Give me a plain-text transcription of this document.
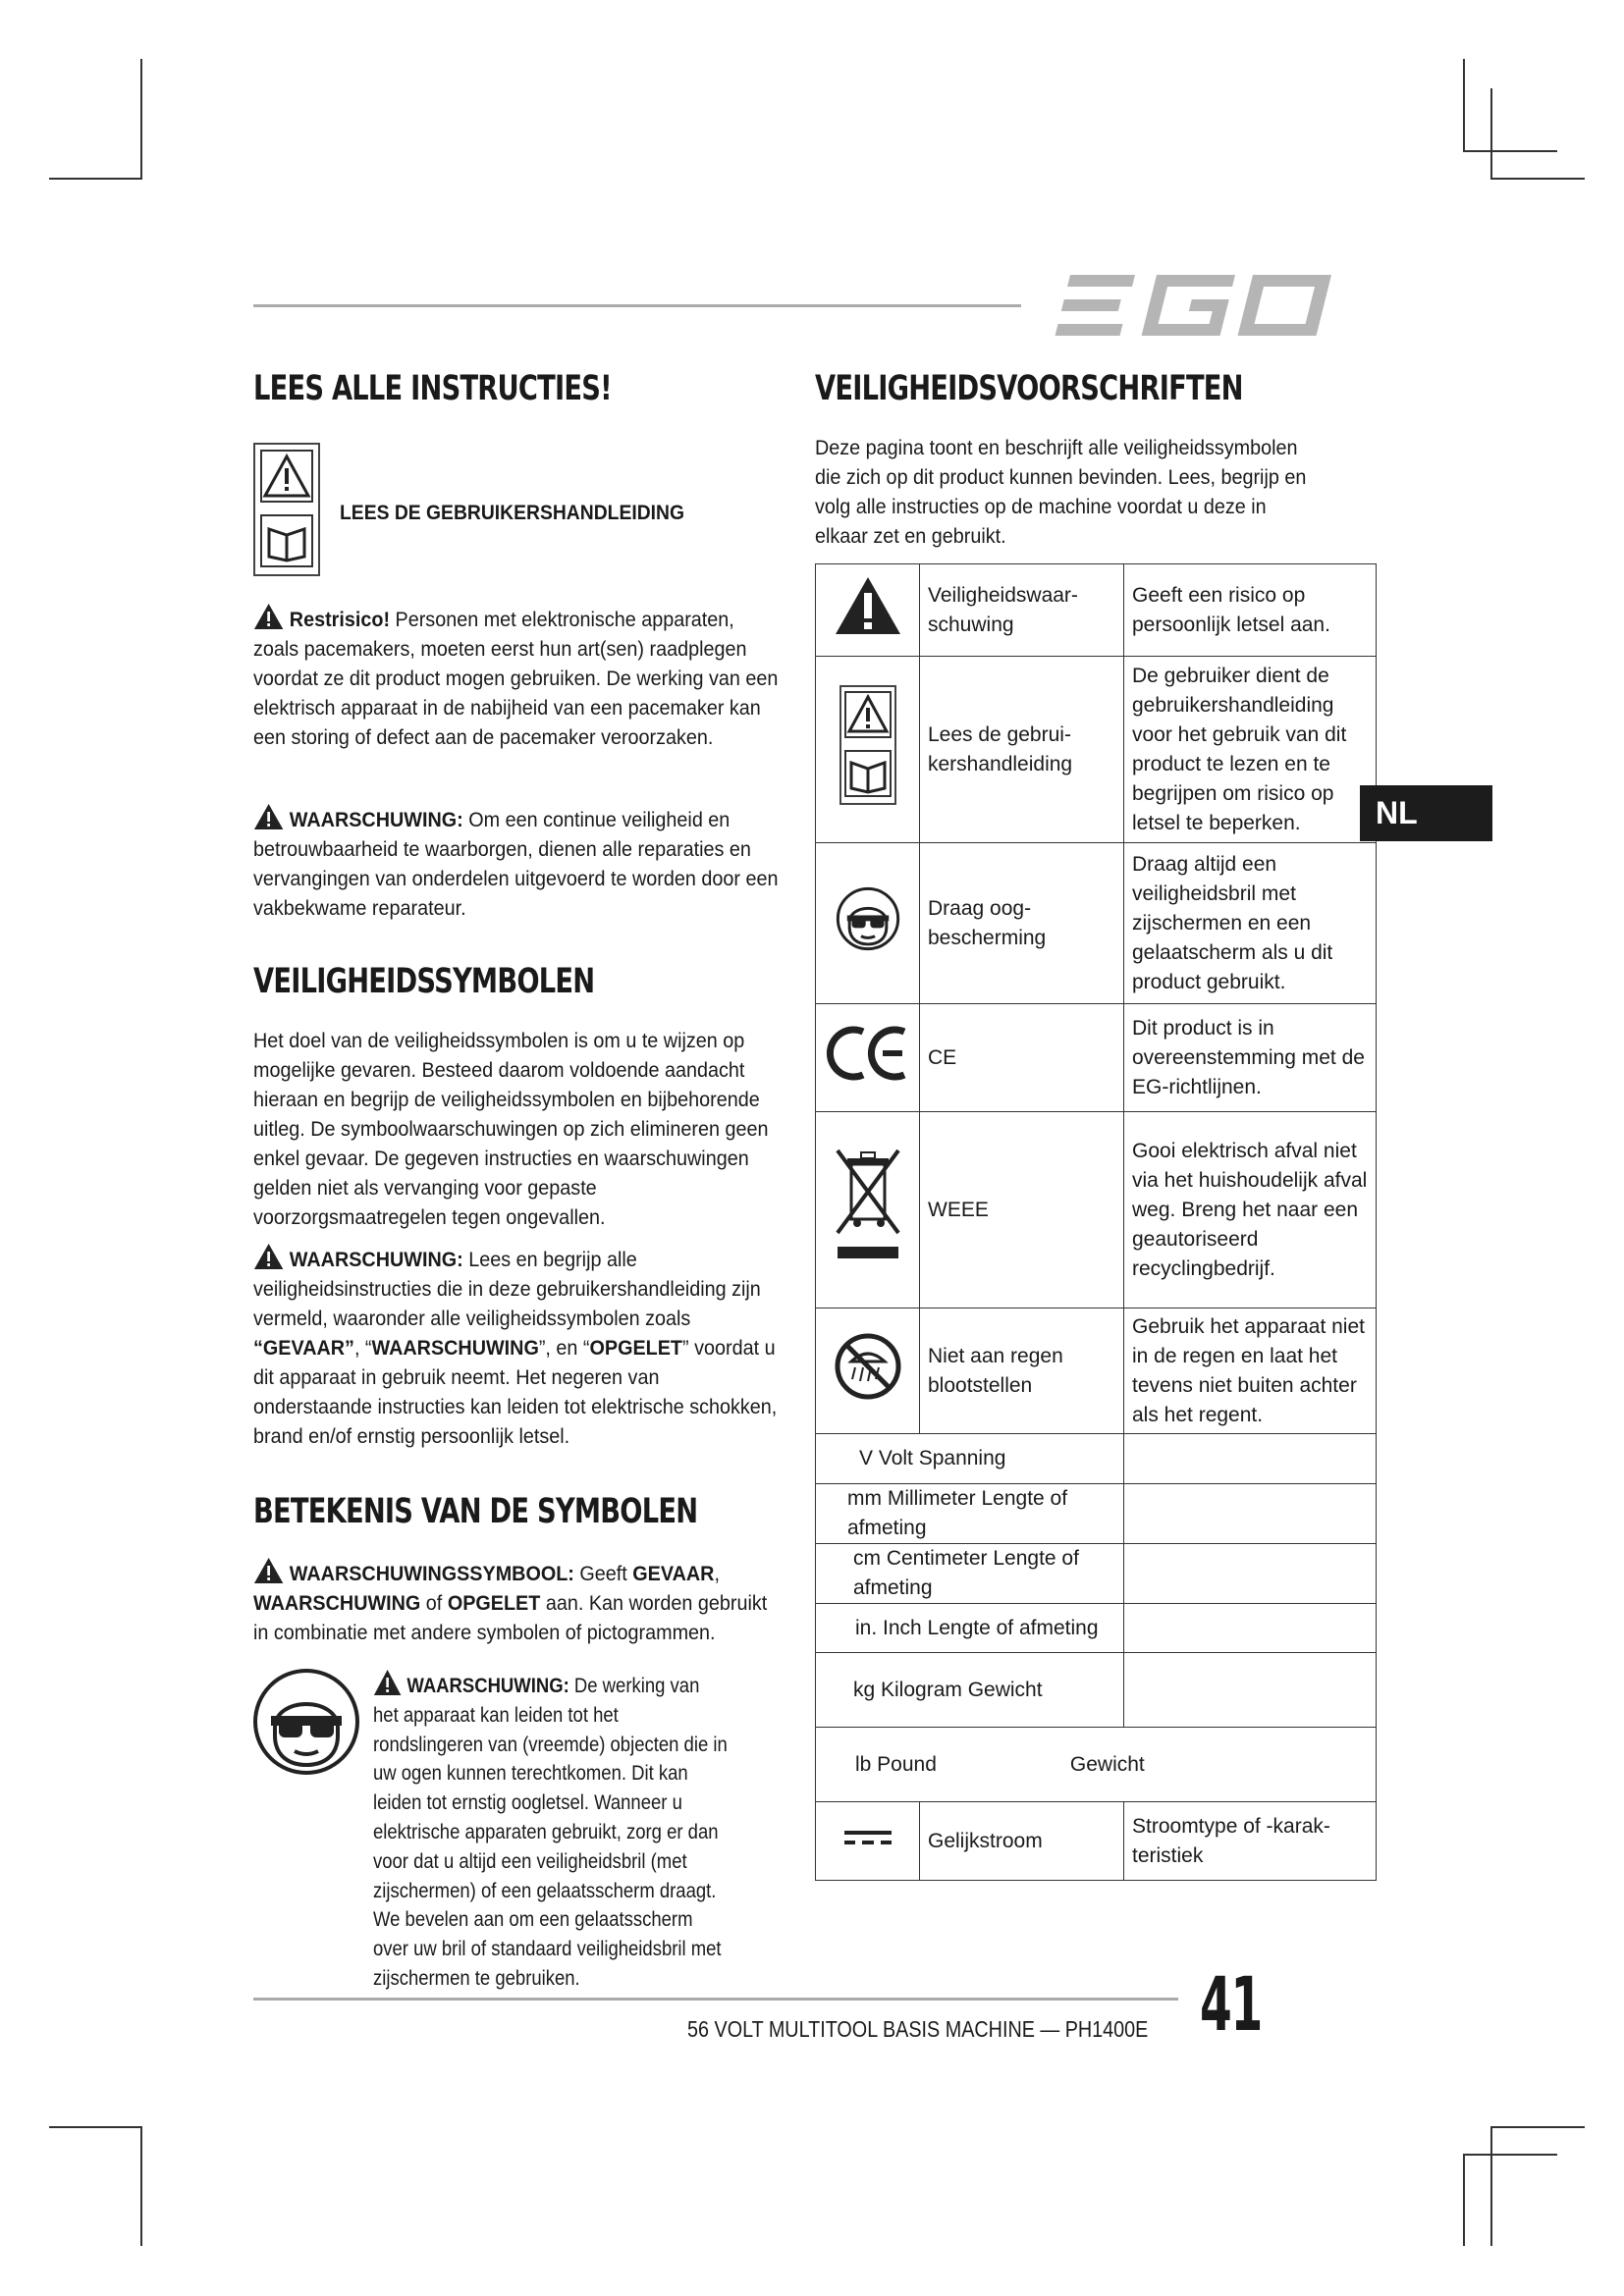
LEES ALLE INSTRUCTIES!
LEES DE GEBRUIKERSHANDLEIDING

Restrisico! Personen met elektronische apparaten, zoals pacemakers, moeten eerst hun art(sen) raadplegen voordat ze dit product mogen gebruiken. De werking van een elektrisch apparaat in de nabijheid van een pacemaker kan een storing of defect aan de pacemaker veroorzaken.

WAARSCHUWING: Om een continue veiligheid en betrouwbaarheid te waarborgen, dienen alle reparaties en vervangingen van onderdelen uitgevoerd te worden door een vakbekwame reparateur.

VEILIGHEIDSSYMBOLEN

Het doel van de veiligheidssymbolen is om u te wijzen op mogelijke gevaren. Besteed daarom voldoende aandacht hieraan en begrijp de veiligheidssymbolen en bijbehorende uitleg. De symboolwaarschuwingen op zich elimineren geen enkel gevaar. De gegeven instructies en waarschuwingen gelden niet als vervanging voor gepaste voorzorgsmaatregelen tegen ongevallen.

WAARSCHUWING: Lees en begrijp alle veiligheidsinstructies die in deze gebruikershandleiding zijn vermeld, waaronder alle veiligheidssymbolen zoals “GEVAAR”, “WAARSCHUWING”, en “OPGELET” voordat u dit apparaat in gebruik neemt. Het negeren van onderstaande instructies kan leiden tot elektrische schokken, brand en/of ernstig persoonlijk letsel.

BETEKENIS VAN DE SYMBOLEN

WAARSCHUWINGSSYMBOOL: Geeft GEVAAR, WAARSCHUWING of OPGELET aan. Kan worden gebruikt in combinatie met andere symbolen of pictogrammen.

WAARSCHUWING: De werking van het apparaat kan leiden tot het rondslingeren van (vreemde) objecten die in uw ogen kunnen terechtkomen. Dit kan leiden tot ernstig oogletsel. Wanneer u elektrische apparaten gebruikt, zorg er dan voor dat u altijd een veiligheidsbril (met zijschermen) of een gelaatsscherm draagt. We bevelen aan om een gelaatsscherm over uw bril of standaard veiligheidsbril met zijschermen te gebruiken.

VEILIGHEIDSVOORSCHRIFTEN

Deze pagina toont en beschrijft alle veiligheidssymbolen die zich op dit product kunnen bevinden. Lees, begrijp en volg alle instructies op de machine voordat u deze in elkaar zet en gebruikt.

	Veiligheidswaar-schuwing	Geeft een risico op persoonlijk letsel aan.
	Lees de gebrui-kershandleiding	De gebruiker dient de gebruikershandleiding voor het gebruik van dit product te lezen en te begrijpen om risico op letsel te beperken.
	Draag oog-bescherming	Draag altijd een veiligheidsbril met zijschermen en een gelaatscherm als u dit product gebruikt.
	CE	Dit product is in overeenstemming met de EG-richtlijnen.
	WEEE	Gooi elektrisch afval niet via het huishoudelijk afval weg. Breng het naar een geautoriseerd recyclingbedrijf.
	Niet aan regen blootstellen	Gebruik het apparaat niet in de regen en laat het tevens niet buiten achter als het regent.
V Volt Spanning		
mm Millimeter Lengte of afmeting		
cm Centimeter Lengte of afmeting		
in. Inch Lengte of afmeting		
kg Kilogram Gewicht		
lb Pound Gewicht		
	Gelijkstroom	Stroomtype of -karak-teristiek
NL
56 VOLT MULTITOOL BASIS MACHINE — PH1400E 41
